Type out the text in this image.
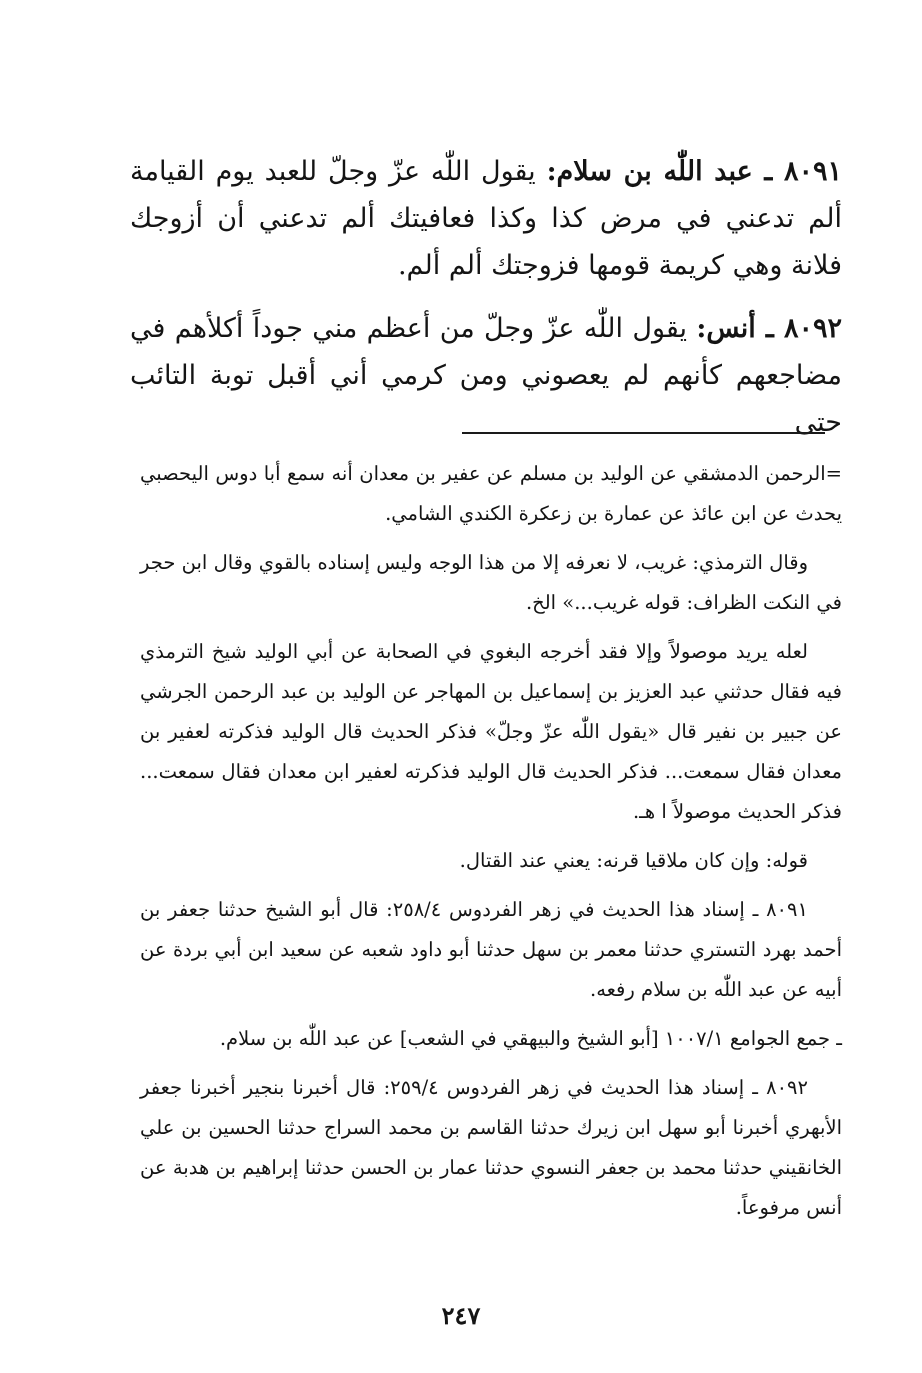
٨٠٩١ ـ عبد اللّٰه بن سلام: يقول اللّٰه عزّ وجلّ للعبد يوم القيامة ألم تدعني في مرض كذا وكذا فعافيتك ألم تدعني أن أزوجك فلانة وهي كريمة قومها فزوجتك ألم ألم.

٨٠٩٢ ـ أنس: يقول اللّٰه عزّ وجلّ من أعظم مني جوداً أكلأهم في مضاجعهم كأنهم لم يعصوني ومن كرمي أني أقبل توبة التائب حتى

=الرحمن الدمشقي عن الوليد بن مسلم عن عفير بن معدان أنه سمع أبا دوس اليحصبي يحدث عن ابن عائذ عن عمارة بن زعكرة الكندي الشامي.

وقال الترمذي: غريب، لا نعرفه إلا من هذا الوجه وليس إسناده بالقوي وقال ابن حجر في النكت الظراف: قوله غريب...» الخ.

لعله يريد موصولاً وإلا فقد أخرجه البغوي في الصحابة عن أبي الوليد شيخ الترمذي فيه فقال حدثني عبد العزيز بن إسماعيل بن المهاجر عن الوليد بن عبد الرحمن الجرشي عن جبير بن نفير قال «يقول اللّٰه عزّ وجلّ» فذكر الحديث قال الوليد فذكرته لعفير بن معدان فقال سمعت... فذكر الحديث قال الوليد فذكرته لعفير ابن معدان فقال سمعت... فذكر الحديث موصولاً ا هـ.

قوله: وإن كان ملاقيا قرنه: يعني عند القتال.

٨٠٩١ ـ إسناد هذا الحديث في زهر الفردوس ٢٥٨/٤: قال أبو الشيخ حدثنا جعفر بن أحمد بهرد التستري حدثنا معمر بن سهل حدثنا أبو داود شعبه عن سعيد ابن أبي بردة عن أبيه عن عبد اللّٰه بن سلام رفعه.

ـ جمع الجوامع ١٠٠٧/١ [أبو الشيخ والبيهقي في الشعب] عن عبد اللّٰه بن سلام.

٨٠٩٢ ـ إسناد هذا الحديث في زهر الفردوس ٢٥٩/٤: قال أخبرنا بنجير أخبرنا جعفر الأبهري أخبرنا أبو سهل ابن زيرك حدثنا القاسم بن محمد السراج حدثنا الحسين بن علي الخانقيني حدثنا محمد بن جعفر النسوي حدثنا عمار بن الحسن حدثنا إبراهيم بن هدبة عن أنس مرفوعاً.

٢٤٧
